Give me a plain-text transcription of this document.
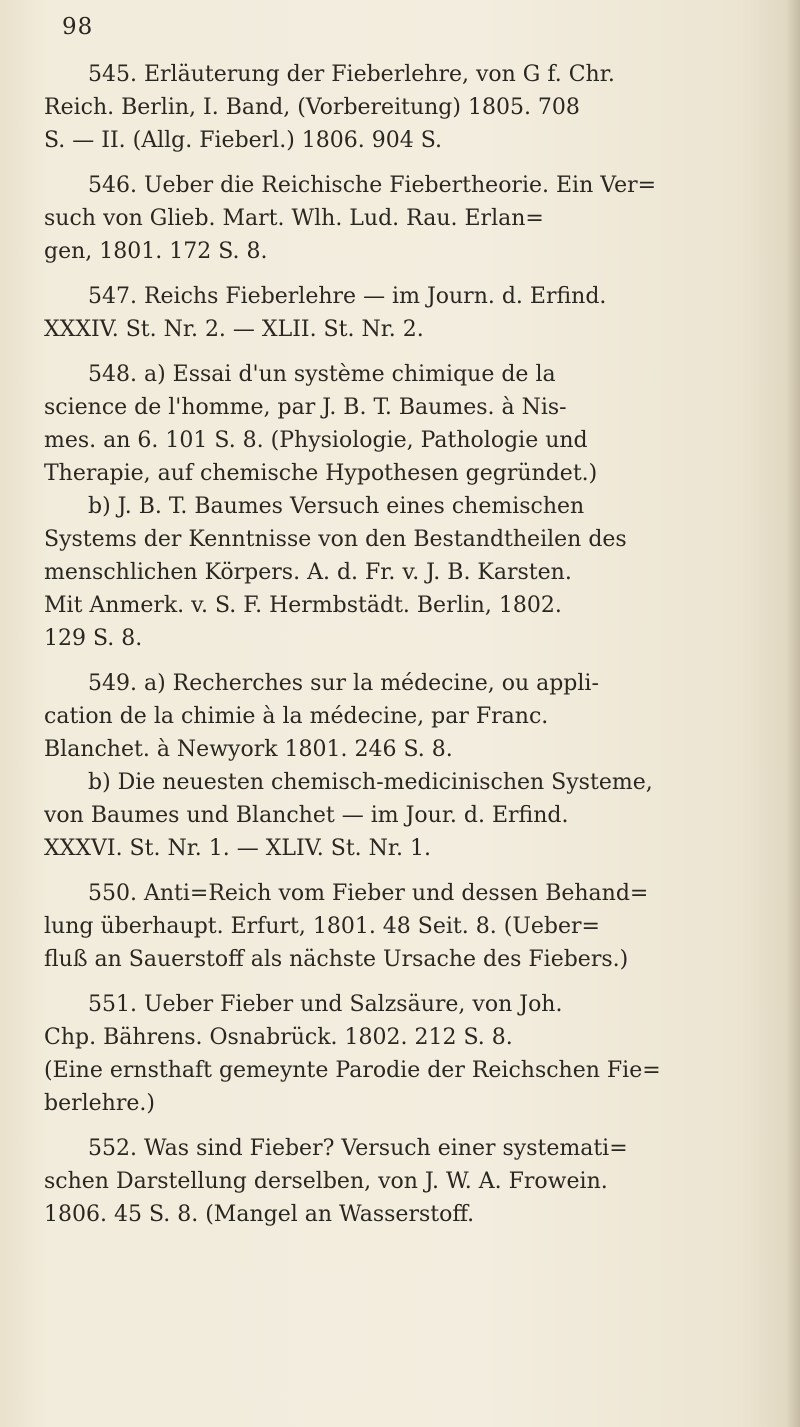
98
545. Erläuterung der Fieberlehre, von G f. Chr.
Reich. Berlin, I. Band, (Vorbereitung) 1805. 708
S. — II. (Allg. Fieberl.) 1806. 904 S.
546. Ueber die Reichische Fiebertheorie. Ein Ver=
such von Glieb. Mart. Wlh. Lud. Rau. Erlan=
gen, 1801. 172 S. 8.
547. Reichs Fieberlehre — im Journ. d. Erfind.
XXXIV. St. Nr. 2. — XLII. St. Nr. 2.
548. a) Essai d'un système chimique de la
science de l'homme, par J. B. T. Baumes. à Nis-
mes. an 6. 101 S. 8. (Physiologie, Pathologie und
Therapie, auf chemische Hypothesen gegründet.)
b) J. B. T. Baumes Versuch eines chemischen
Systems der Kenntnisse von den Bestandtheilen des
menschlichen Körpers. A. d. Fr. v. J. B. Karsten.
Mit Anmerk. v. S. F. Hermbstädt. Berlin, 1802.
129 S. 8.
549. a) Recherches sur la médecine, ou appli-
cation de la chimie à la médecine, par Franc.
Blanchet. à Newyork 1801. 246 S. 8.
b) Die neuesten chemisch-medicinischen Systeme,
von Baumes und Blanchet — im Jour. d. Erfind.
XXXVI. St. Nr. 1. — XLIV. St. Nr. 1.
550. Anti=Reich vom Fieber und dessen Behand=
lung überhaupt. Erfurt, 1801. 48 Seit. 8. (Ueber=
fluß an Sauerstoff als nächste Ursache des Fiebers.)
551. Ueber Fieber und Salzsäure, von Joh.
Chp. Bährens. Osnabrück. 1802. 212 S. 8.
(Eine ernsthaft gemeynte Parodie der Reichschen Fie=
berlehre.)
552. Was sind Fieber? Versuch einer systemati=
schen Darstellung derselben, von J. W. A. Frowein.
1806. 45 S. 8. (Mangel an Wasserstoff.
